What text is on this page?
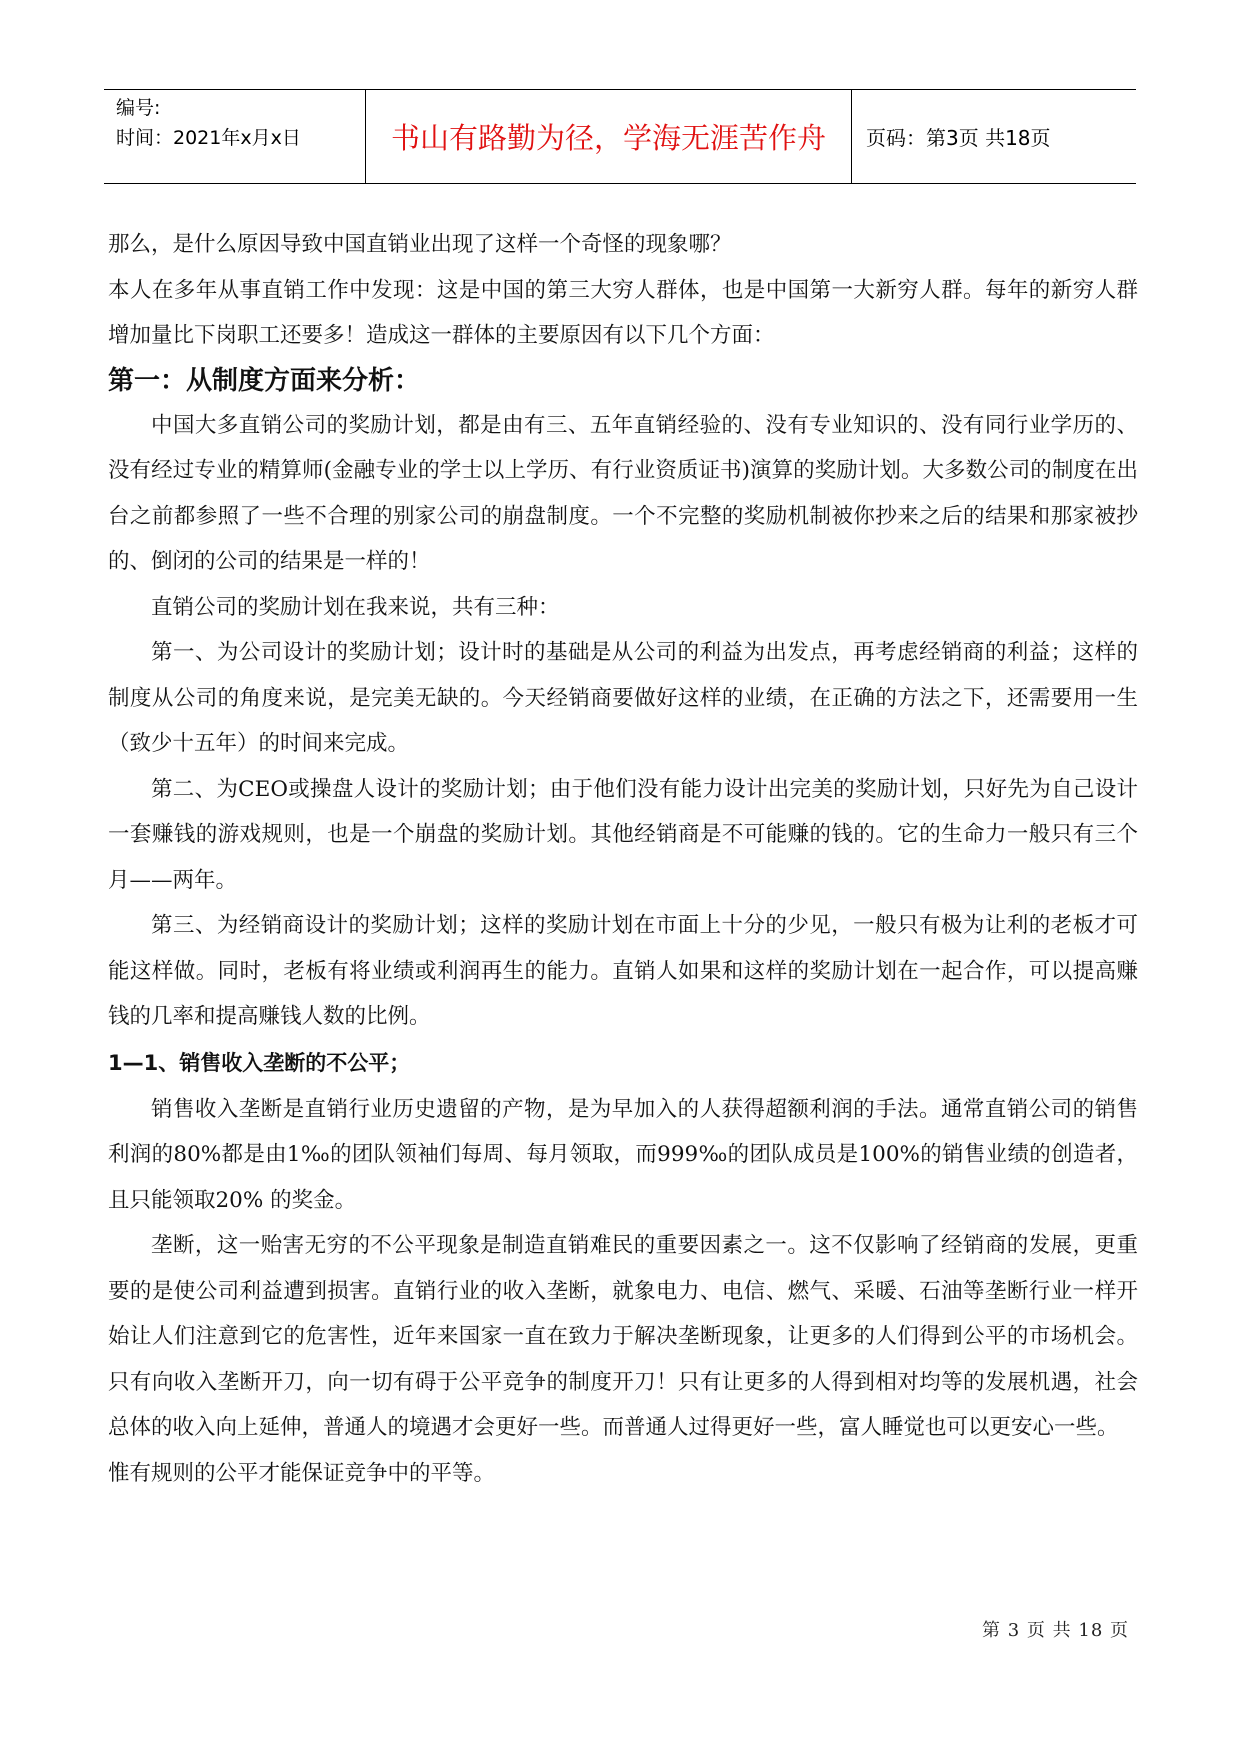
编号:
时间：2021年x月x日	书山有路勤为径，学海无涯苦作舟 页码：第3页 共18页

那么，是什么原因导致中国直销业出现了这样一个奇怪的现象哪？

本人在多年从事直销工作中发现：这是中国的第三大穷人群体，也是中国第一大新穷人群。每年的新穷人群增加量比下岗职工还要多！造成这一群体的主要原因有以下几个方面：

第一：从制度方面来分析：

中国大多直销公司的奖励计划，都是由有三、五年直销经验的、没有专业知识的、没有同行业学历的、没有经过专业的精算师(金融专业的学士以上学历、有行业资质证书)演算的奖励计划。大多数公司的制度在出台之前都参照了一些不合理的别家公司的崩盘制度。一个不完整的奖励机制被你抄来之后的结果和那家被抄的、倒闭的公司的结果是一样的！

直销公司的奖励计划在我来说，共有三种：

第一、为公司设计的奖励计划；设计时的基础是从公司的利益为出发点，再考虑经销商的利益；这样的制度从公司的角度来说，是完美无缺的。今天经销商要做好这样的业绩，在正确的方法之下，还需要用一生（致少十五年）的时间来完成。

第二、为CEO或操盘人设计的奖励计划；由于他们没有能力设计出完美的奖励计划，只好先为自己设计一套赚钱的游戏规则，也是一个崩盘的奖励计划。其他经销商是不可能赚的钱的。它的生命力一般只有三个月——两年。

第三、为经销商设计的奖励计划；这样的奖励计划在市面上十分的少见，一般只有极为让利的老板才可能这样做。同时，老板有将业绩或利润再生的能力。直销人如果和这样的奖励计划在一起合作，可以提高赚钱的几率和提高赚钱人数的比例。

1—1、销售收入垄断的不公平；

销售收入垄断是直销行业历史遗留的产物，是为早加入的人获得超额利润的手法。通常直销公司的销售利润的80%都是由1‰的团队领袖们每周、每月领取，而999‰的团队成员是100%的销售业绩的创造者，且只能领取20% 的奖金。

垄断，这一贻害无穷的不公平现象是制造直销难民的重要因素之一。这不仅影响了经销商的发展，更重要的是使公司利益遭到损害。直销行业的收入垄断，就象电力、电信、燃气、采暖、石油等垄断行业一样开始让人们注意到它的危害性，近年来国家一直在致力于解决垄断现象，让更多的人们得到公平的市场机会。只有向收入垄断开刀，向一切有碍于公平竞争的制度开刀！只有让更多的人得到相对均等的发展机遇，社会总体的收入向上延伸，普通人的境遇才会更好一些。而普通人过得更好一些，富人睡觉也可以更安心一些。

惟有规则的公平才能保证竞争中的平等。

第 3 页 共 18 页
